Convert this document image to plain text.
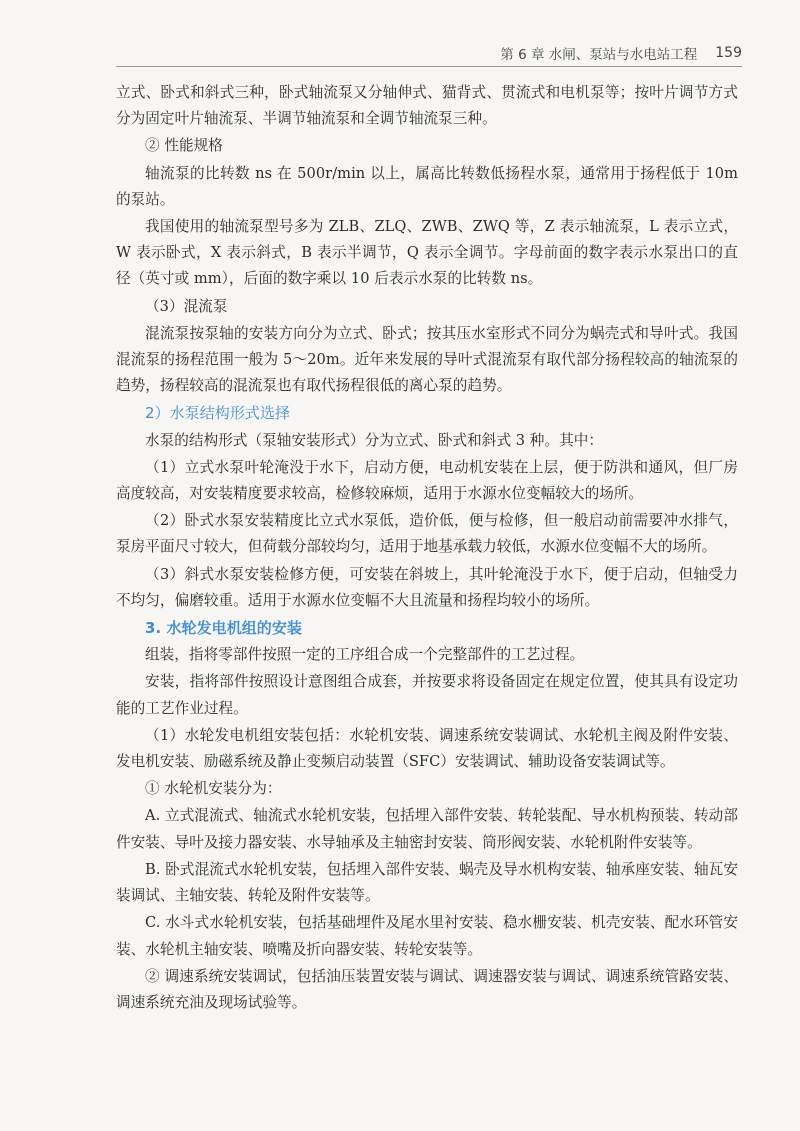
第 6 章 水闸、泵站与水电站工程 159

立式、卧式和斜式三种，卧式轴流泵又分轴伸式、猫背式、贯流式和电机泵等；按叶片调节方式分为固定叶片轴流泵、半调节轴流泵和全调节轴流泵三种。

② 性能规格

轴流泵的比转数 ns 在 500r/min 以上，属高比转数低扬程水泵，通常用于扬程低于 10m 的泵站。

我国使用的轴流泵型号多为 ZLB、ZLQ、ZWB、ZWQ 等，Z 表示轴流泵，L 表示立式，W 表示卧式，X 表示斜式，B 表示半调节，Q 表示全调节。字母前面的数字表示水泵出口的直径（英寸或 mm），后面的数字乘以 10 后表示水泵的比转数 ns。

（3）混流泵

混流泵按泵轴的安装方向分为立式、卧式；按其压水室形式不同分为蜗壳式和导叶式。我国混流泵的扬程范围一般为 5～20m。近年来发展的导叶式混流泵有取代部分扬程较高的轴流泵的趋势，扬程较高的混流泵也有取代扬程很低的离心泵的趋势。

2）水泵结构形式选择

水泵的结构形式（泵轴安装形式）分为立式、卧式和斜式 3 种。其中：

（1）立式水泵叶轮淹没于水下，启动方便，电动机安装在上层，便于防洪和通风，但厂房高度较高，对安装精度要求较高，检修较麻烦，适用于水源水位变幅较大的场所。

（2）卧式水泵安装精度比立式水泵低，造价低，便与检修，但一般启动前需要冲水排气，泵房平面尺寸较大，但荷载分部较均匀，适用于地基承载力较低，水源水位变幅不大的场所。

（3）斜式水泵安装检修方便，可安装在斜坡上，其叶轮淹没于水下，便于启动，但轴受力不均匀，偏磨较重。适用于水源水位变幅不大且流量和扬程均较小的场所。

3. 水轮发电机组的安装

组装，指将零部件按照一定的工序组合成一个完整部件的工艺过程。

安装，指将部件按照设计意图组合成套，并按要求将设备固定在规定位置，使其具有设定功能的工艺作业过程。

（1）水轮发电机组安装包括：水轮机安装、调速系统安装调试、水轮机主阀及附件安装、发电机安装、励磁系统及静止变频启动装置（SFC）安装调试、辅助设备安装调试等。

① 水轮机安装分为：

A. 立式混流式、轴流式水轮机安装，包括埋入部件安装、转轮装配、导水机构预装、转动部件安装、导叶及接力器安装、水导轴承及主轴密封安装、筒形阀安装、水轮机附件安装等。

B. 卧式混流式水轮机安装，包括埋入部件安装、蜗壳及导水机构安装、轴承座安装、轴瓦安装调试、主轴安装、转轮及附件安装等。

C. 水斗式水轮机安装，包括基础埋件及尾水里衬安装、稳水栅安装、机壳安装、配水环管安装、水轮机主轴安装、喷嘴及折向器安装、转轮安装等。

② 调速系统安装调试，包括油压装置安装与调试、调速器安装与调试、调速系统管路安装、调速系统充油及现场试验等。
